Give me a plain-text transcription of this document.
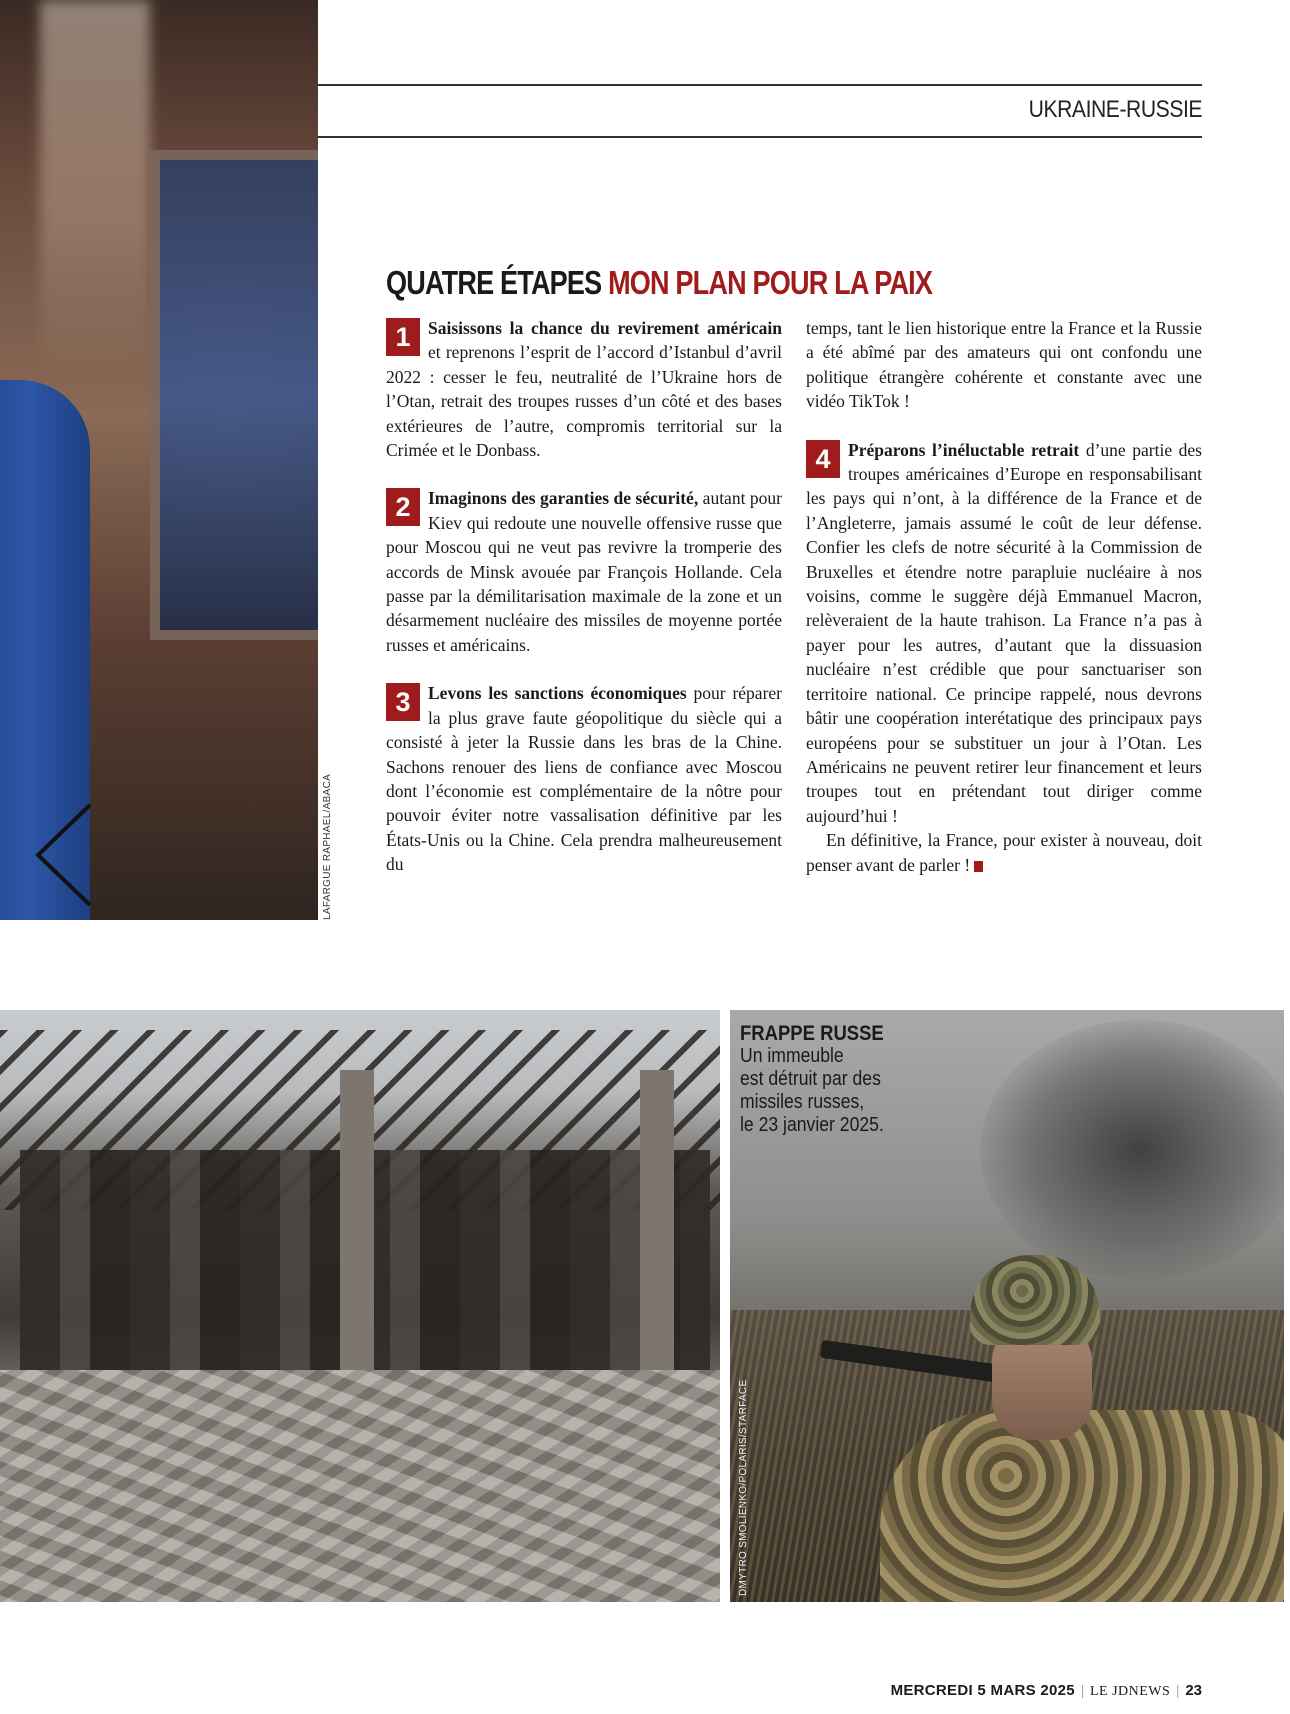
LAFARGUE RAPHAEL/ABACA
UKRAINE-RUSSIE
QUATRE ÉTAPES MON PLAN POUR LA PAIX

1 Saisissons la chance du revirement américain et reprenons l’esprit de l’accord d’Istanbul d’avril 2022 : cesser le feu, neutralité de l’Ukraine hors de l’Otan, retrait des troupes russes d’un côté et des bases extérieures de l’autre, compromis territorial sur la Crimée et le Donbass.

2 Imaginons des garanties de sécurité, autant pour Kiev qui redoute une nouvelle offensive russe que pour Moscou qui ne veut pas revivre la tromperie des accords de Minsk avouée par François Hollande. Cela passe par la démilitarisation maximale de la zone et un désarmement nucléaire des missiles de moyenne portée russes et américains.

3 Levons les sanctions économiques pour réparer la plus grave faute géopolitique du siècle qui a consisté à jeter la Russie dans les bras de la Chine. Sachons renouer des liens de confiance avec Moscou dont l’économie est complémentaire de la nôtre pour pouvoir éviter notre vassalisation définitive par les États-Unis ou la Chine. Cela prendra malheureusement du

temps, tant le lien historique entre la France et la Russie a été abîmé par des amateurs qui ont confondu une politique étrangère cohérente et constante avec une vidéo TikTok !

4 Préparons l’inéluctable retrait d’une partie des troupes américaines d’Europe en responsabilisant les pays qui n’ont, à la différence de la France et de l’Angleterre, jamais assumé le coût de leur défense. Confier les clefs de notre sécurité à la Commission de Bruxelles et étendre notre parapluie nucléaire à nos voisins, comme le suggère déjà Emmanuel Macron, relèveraient de la haute trahison. La France n’a pas à payer pour les autres, d’autant que la dissuasion nucléaire n’est crédible que pour sanctuariser son territoire national. Ce principe rappelé, nous devrons bâtir une coopération interétatique des principaux pays européens pour se substituer un jour à l’Otan. Les Américains ne peuvent retirer leur financement et leurs troupes tout en prétendant tout diriger comme aujourd’hui !

En définitive, la France, pour exister à nouveau, doit penser avant de parler !

FRAPPE RUSSE
Un immeuble
est détruit par des
missiles russes,
le 23 janvier 2025.
DMYTRO SMOLIENKO/POLARIS/STARFACE
MERCREDI 5 MARS 2025 | LE JDNEWS | 23
